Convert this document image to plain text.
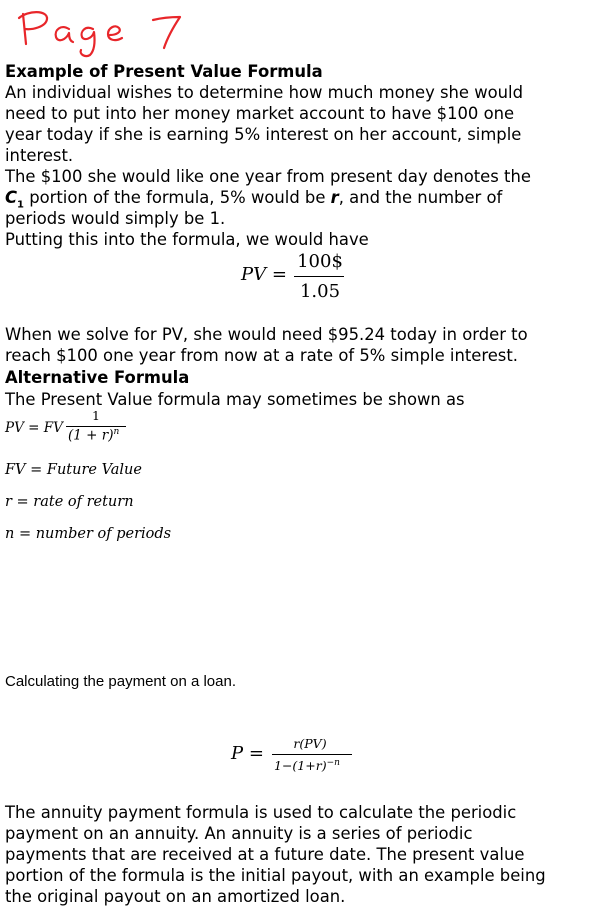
Example of Present Value Formula
An individual wishes to determine how much money she would
need to put into her money market account to have $100 one
year today if she is earning 5% interest on her account, simple
interest.
The $100 she would like one year from present day denotes the
$C_1$ portion of the formula, 5% would be r, and the number of
periods would simply be 1.
Putting this into the formula, we would have
PV =
100$
1.05
When we solve for PV, she would need $95.24 today in order to
reach $100 one year from now at a rate of 5% simple interest.
Alternative Formula
The Present Value formula may sometimes be shown as
PV = FV
1
$(1 + r)^n$
FV = Future Value
r = rate of return
n = number of periods
Calculating the payment on a loan.
P =	r(PV)
$1-(1+r)^{-n}$
The annuity payment formula is used to calculate the periodic
payment on an annuity. An annuity is a series of periodic
payments that are received at a future date. The present value
portion of the formula is the initial payout, with an example being
the original payout on an amortized loan.
